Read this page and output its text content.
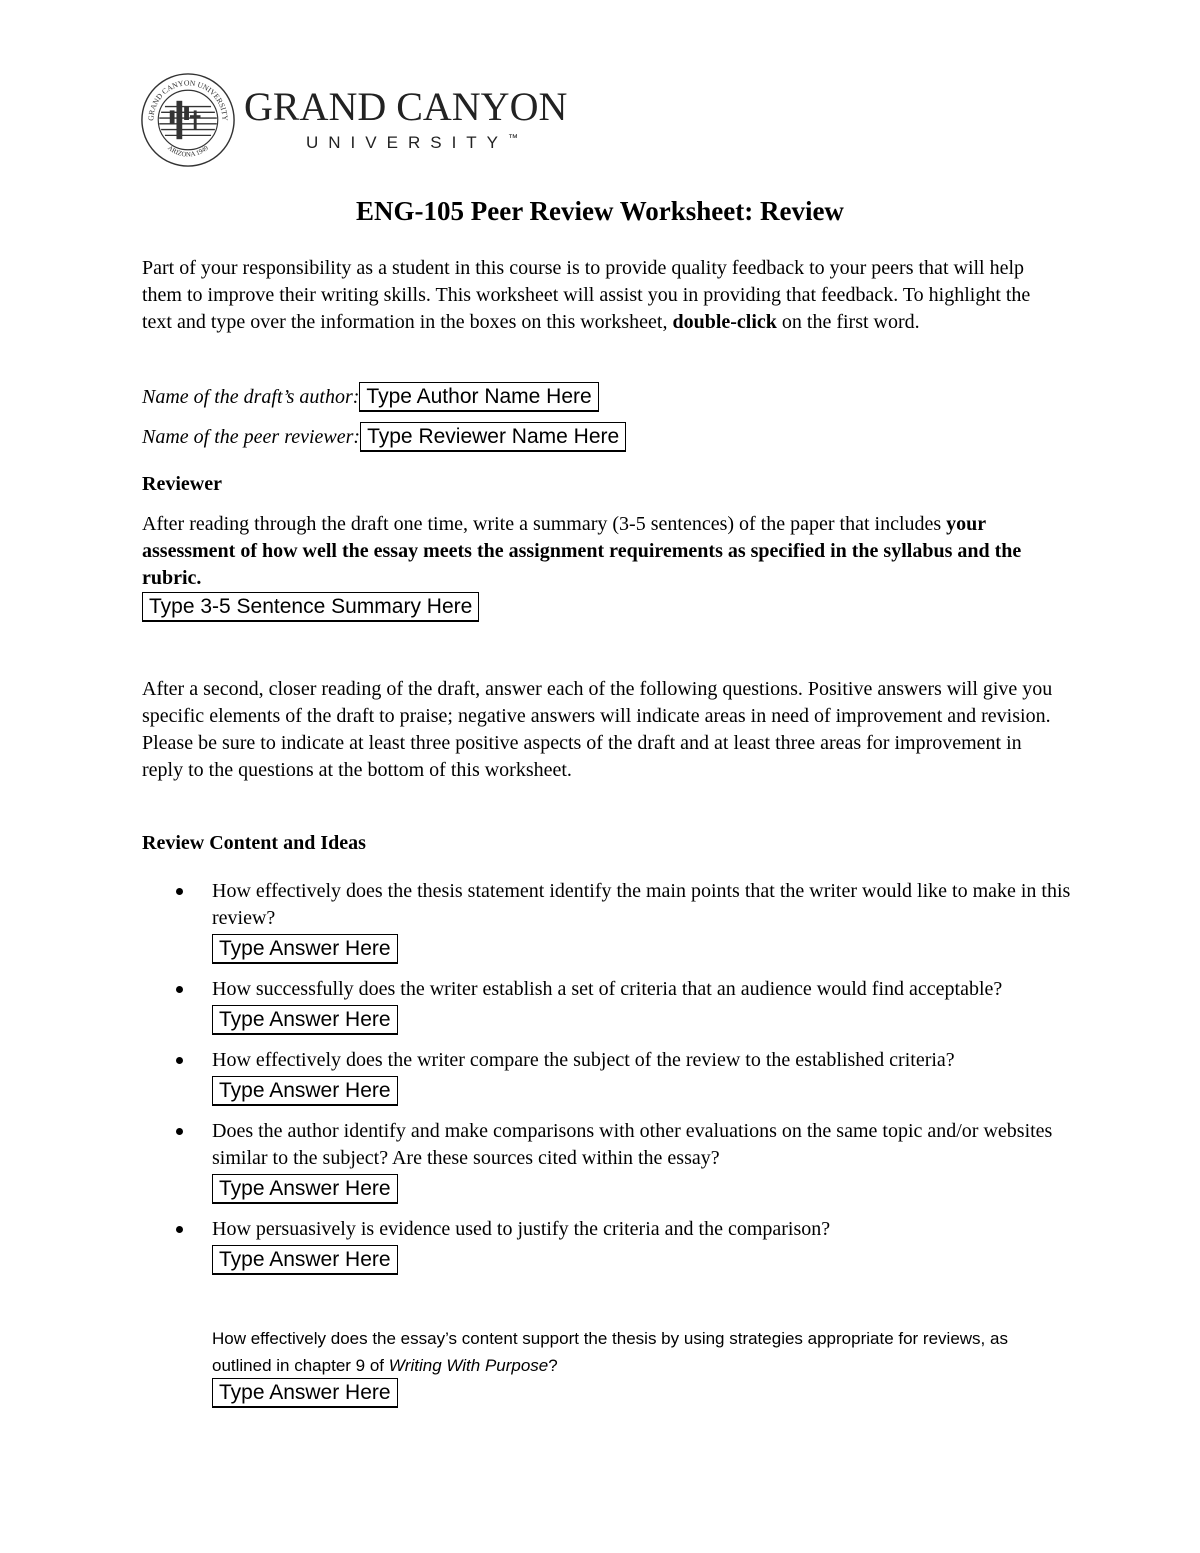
GRAND CANYON UNIVERSITY
ARIZONA 1949
GRAND CANYON
UNIVERSITY™
ENG-105 Peer Review Worksheet: Review
Part of your responsibility as a student in this course is to provide quality feedback to your peers that will help them to improve their writing skills. This worksheet will assist you in providing that feedback. To highlight the text and type over the information in the boxes on this worksheet, double-click on the first word.
Name of the draft’s author: Type Author Name Here
Name of the peer reviewer: Type Reviewer Name Here
Reviewer
After reading through the draft one time, write a summary (3-5 sentences) of the paper that includes your assessment of how well the essay meets the assignment requirements as specified in the syllabus and the rubric.
Type 3-5 Sentence Summary Here
After a second, closer reading of the draft, answer each of the following questions. Positive answers will give you specific elements of the draft to praise; negative answers will indicate areas in need of improvement and revision. Please be sure to indicate at least three positive aspects of the draft and at least three areas for improvement in reply to the questions at the bottom of this worksheet.
Review Content and Ideas
How effectively does the thesis statement identify the main points that the writer would like to make in this review?
Type Answer Here
How successfully does the writer establish a set of criteria that an audience would find acceptable?
Type Answer Here
How effectively does the writer compare the subject of the review to the established criteria?
Type Answer Here
Does the author identify and make comparisons with other evaluations on the same topic and/or websites similar to the subject? Are these sources cited within the essay?
Type Answer Here
How persuasively is evidence used to justify the criteria and the comparison?
Type Answer Here
How effectively does the essay’s content support the thesis by using strategies appropriate for reviews, as outlined in chapter 9 of Writing With Purpose?
Type Answer Here
